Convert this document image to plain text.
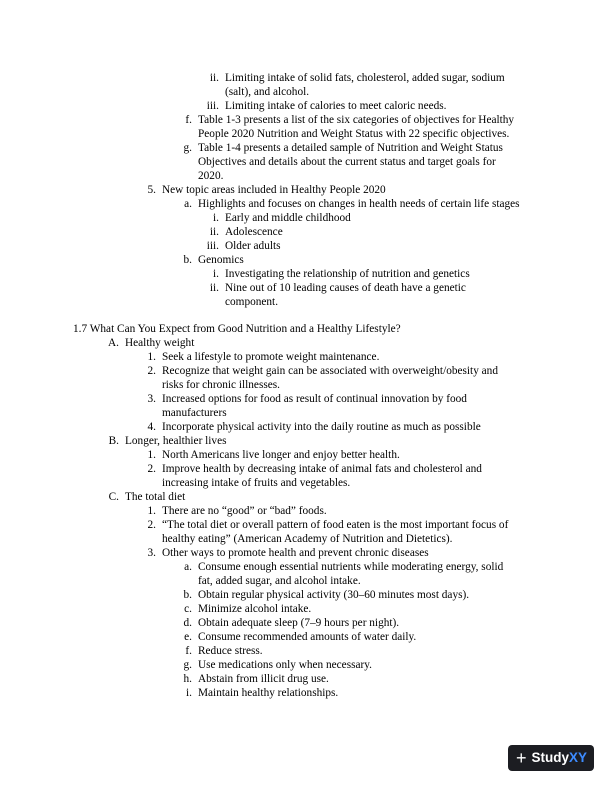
ii. Limiting intake of solid fats, cholesterol, added sugar, sodium
(salt), and alcohol.
iii. Limiting intake of calories to meet caloric needs.
f. Table 1-3 presents a list of the six categories of objectives for Healthy
People 2020 Nutrition and Weight Status with 22 specific objectives.
g. Table 1-4 presents a detailed sample of Nutrition and Weight Status
Objectives and details about the current status and target goals for
2020.
5. New topic areas included in Healthy People 2020
a. Highlights and focuses on changes in health needs of certain life stages
i. Early and middle childhood
ii. Adolescence
iii. Older adults
b. Genomics
i. Investigating the relationship of nutrition and genetics
ii. Nine out of 10 leading causes of death have a genetic
component.
1.7 What Can You Expect from Good Nutrition and a Healthy Lifestyle?
A. Healthy weight
1. Seek a lifestyle to promote weight maintenance.
2. Recognize that weight gain can be associated with overweight/obesity and
risks for chronic illnesses.
3. Increased options for food as result of continual innovation by food
manufacturers
4. Incorporate physical activity into the daily routine as much as possible
B. Longer, healthier lives
1. North Americans live longer and enjoy better health.
2. Improve health by decreasing intake of animal fats and cholesterol and
increasing intake of fruits and vegetables.
C. The total diet
1. There are no “good” or “bad” foods.
2. “The total diet or overall pattern of food eaten is the most important focus of
healthy eating” (American Academy of Nutrition and Dietetics).
3. Other ways to promote health and prevent chronic diseases
a. Consume enough essential nutrients while moderating energy, solid
fat, added sugar, and alcohol intake.
b. Obtain regular physical activity (30–60 minutes most days).
c. Minimize alcohol intake.
d. Obtain adequate sleep (7–9 hours per night).
e. Consume recommended amounts of water daily.
f. Reduce stress.
g. Use medications only when necessary.
h. Abstain from illicit drug use.
i. Maintain healthy relationships.
+ Study XY
